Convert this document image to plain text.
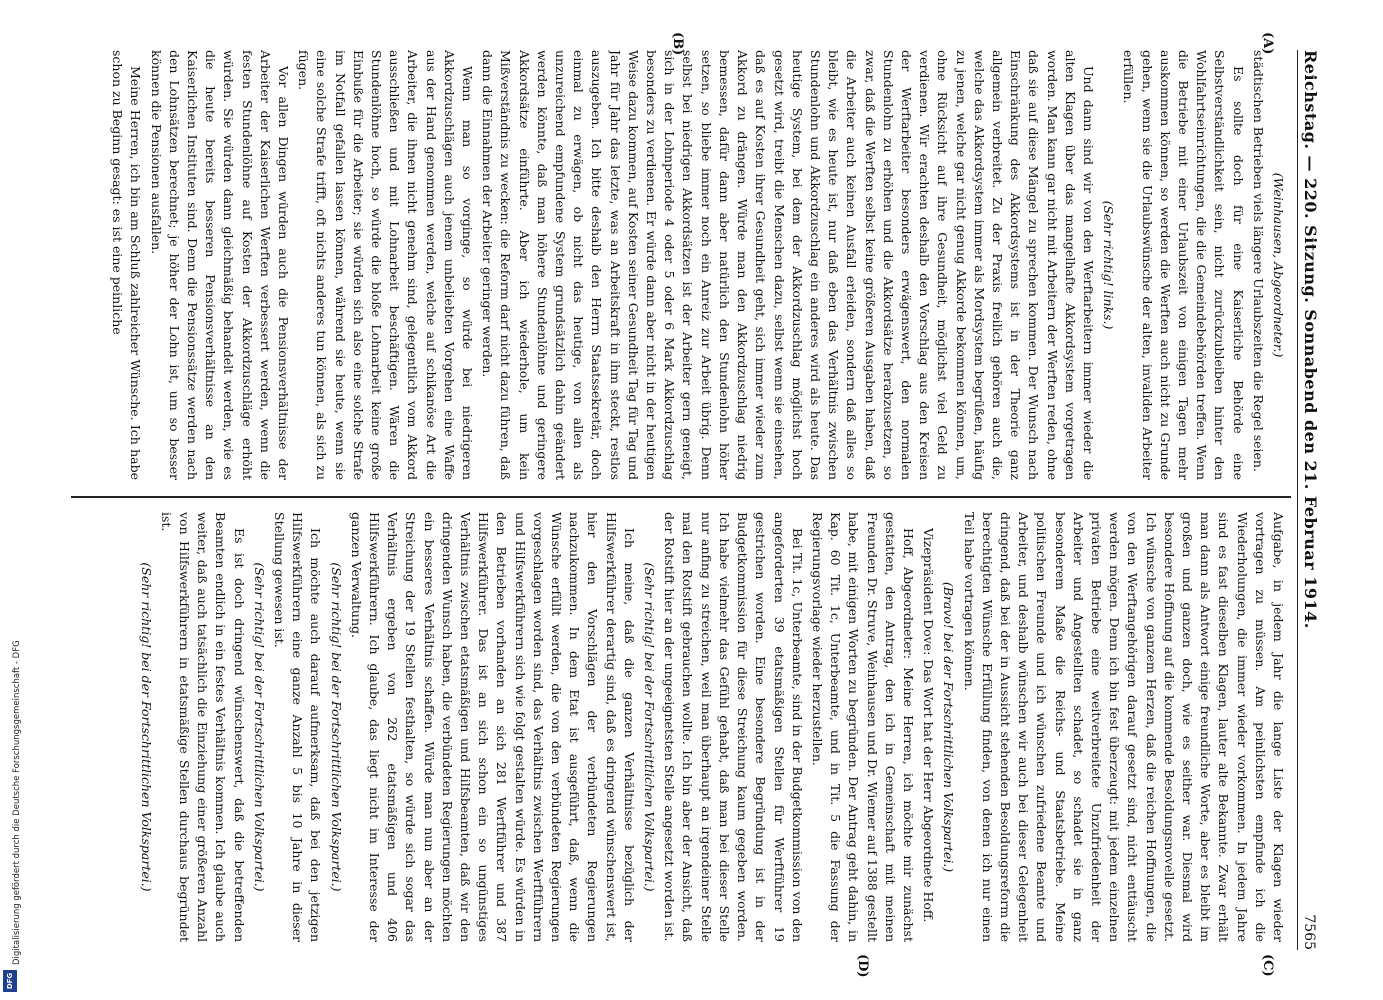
DFG
Digitalisierung gefördert durch die Deutsche Forschungsgemeinschaft - DFG
Reichstag. — 220. Sitzung. Sonnabend den 21. Februar 1914.
7565
(A)
(B)
(C)
(D)

(Weinhausen, Abgeordneter.)

städtischen Betrieben viels längere Urlaubszeiten die Regel seien.

Es sollte doch für eine Kaiserliche Behörde eine Selbstverständlichkeit sein, nicht zurückzubleiben hinter den Wohlfahrtseinrichtungen, die die Gemeindebehörden treffen. Wenn die Betriebe mit einer Urlaubszeit von einigen Tagen mehr auskommen können, so werden die Werften auch nicht zu Grunde gehen, wenn sie die Urlaubswünsche der alten, invaliden Arbeiter erfüllen.

(Sehr richtig! links.)

Und dann sind wir von den Werftarbeitern immer wieder die alten Klagen über das mangelhafte Akkordsystem vorgetragen worden. Man kann gar nicht mit Arbeitern der Werften reden, ohne daß sie auf diese Mängel zu sprechen kommen. Der Wunsch nach Einschränkung des Akkordsystems ist in der Theorie ganz allgemein verbreitet. Zu der Praxis freilich gehören auch die, welche das Akkordsystem immer als Mordsystem begrüßen, häufig zu jenen, welche gar nicht genug Akkorde bekommen können, um, ohne Rücksicht auf ihre Gesundheit, möglichst viel Geld zu verdienen. Wir erachten deshalb den Vorschlag aus den Kreisen der Werftarbeiter besonders erwägenswert, den normalen Stundenlohn zu erhöhen und die Akkordsätze herabzusetzen, so zwar, daß die Werften selbst keine größeren Ausgaben haben, daß die Arbeiter auch keinen Ausfall erleiden, sondern daß alles so bleibt, wie es heute ist, nur daß eben das Verhältnis zwischen Stundenlohn und Akkordzuschlag ein anderes wird als heute. Das heutige System, bei dem der Akkordzuschlag möglichst hoch gesetzt wird, treibt die Menschen dazu, selbst wenn sie einsehen, daß es auf Kosten ihrer Gesundheit geht, sich immer wieder zum Akkord zu drängen. Würde man den Akkordzuschlag niedrig bemessen, dafür dann aber natürlich den Stundenlohn höher setzen, so bliebe immer noch ein Anreiz zur Arbeit übrig. Denn selbst bei niedrigen Akkordsätzen ist der Arbeiter gern geneigt, sich in der Lohnperiode 4 oder 5 oder 6 Mark Akkordzuschlag besonders zu verdienen. Er würde dann aber nicht in der heutigen Weise dazu kommen, auf Kosten seiner Gesundheit Tag für Tag und Jahr für Jahr das letzte, was an Arbeitskraft in ihm steckt, restlos auszugeben. Ich bitte deshalb den Herrn Staatssekretär, doch einmal zu erwägen, ob nicht das heutige, von allen als unzureichend empfundene System grundsätzlich dahin geändert werden könnte, daß man höhere Stundenlöhne und geringere Akkordsätze einführte. Aber ich wiederhole, um kein Mißverständnis zu wecken: die Reform darf nicht dazu führen, daß dann die Einnahmen der Arbeiter geringer werden.

Wenn man so vorginge, so würde bei niedrigeren Akkordzuschlägen auch jenem unbeliebten Vorgehen eine Waffe aus der Hand genommen werden, welche auf schikanöse Art die Arbeiter, die ihnen nicht genehm sind, gelegentlich vom Akkord ausschließen und mit Lohnarbeit beschäftigen. Wären die Stundenlöhne hoch, so würde die bloße Lohnarbeit keine große Einbuße für die Arbeiter; sie würden sich also eine solche Strafe im Notfall gefallen lassen können, während sie heute, wenn sie eine solche Strafe trifft, oft nichts anderes tun können, als sich zu fügen.

Vor allen Dingen würden auch die Pensionsverhältnisse der Arbeiter der Kaiserlichen Werften verbessert werden, wenn die festen Stundenlöhne auf Kosten der Akkordzuschläge erhöht würden. Sie würden dann gleichmäßig behandelt werden, wie es die heute bereits besseren Pensionsverhältnisse an den Kaiserlichen Instituten sind. Denn die Pensionssätze werden nach den Lohnsätzen berechnet; je höher der Lohn ist, um so besser können die Pensionen ausfallen.

Meine Herren, ich bin am Schluß zahlreicher Wünsche. Ich habe schon zu Beginn gesagt: es ist eine peinliche

Aufgabe, in jedem Jahr die lange Liste der Klagen wieder vortragen zu müssen. Am peinlichsten empfinde ich die Wiederholungen, die immer wieder vorkommen. In jedem Jahre sind es fast dieselben Klagen, lauter alte Bekannte. Zwar erhält man dann als Antwort einige freundliche Worte, aber es bleibt im großen und ganzen doch, wie es seither war. Diesmal wird besondere Hoffnung auf die kommende Besoldungsnovelle gesetzt. Ich wünsche von ganzem Herzen, daß die reichen Hoffnungen, die von den Werftangehörigen darauf gesetzt sind, nicht enttäuscht werden mögen. Denn ich bin fest überzeugt: mit jedem einzelnen privaten Betriebe eine weitverbreitete Unzufriedenheit der Arbeiter und Angestellten schadet, so schadet sie in ganz besonderem Maße die Reichs- und Staatsbetriebe. Meine politischen Freunde und ich wünschen zufriedene Beamte und Arbeiter, und deshalb wünschen wir auch bei dieser Gelegenheit dringend, daß bei der in Aussicht stehenden Besoldungsreform die berechtigten Wünsche Erfüllung finden, von denen ich nur einen Teil habe vortragen können.

(Bravo! bei der Fortschrittlichen Volkspartei.)

Vizepräsident Dove: Das Wort hat der Herr Abgeordnete Hoff.

Hoff, Abgeordneter: Meine Herren, ich möchte mir zunächst gestatten, den Antrag, den ich in Gemeinschaft mit meinen Freunden Dr. Struve, Weinhausen und Dr. Wiemer auf 1388 gestellt habe, mit einigen Worten zu begründen. Der Antrag geht dahin, in Kap. 60 Tit. 1c, Unterbeamte, und in Tit. 5 die Fassung der Regierungsvorlage wieder herzustellen.

Bei Tit. 1c, Unterbeamte, sind in der Budgetkommission von den angeforderten 39 etatsmäßigen Stellen für Werftführer 19 gestrichen worden. Eine besondere Begründung ist in der Budgetkommission für diese Streichung kaum gegeben worden. Ich habe vielmehr das Gefühl gehabt, daß man bei dieser Stelle nur anfing zu streichen, weil man überhaupt an irgendeiner Stelle mal den Rotstift gebrauchen wollte. Ich bin aber der Ansicht, daß der Rotstift hier an der ungeeignetsten Stelle angesetzt worden ist.

(Sehr richtig! bei der Fortschrittlichen Volkspartei.)

Ich meine, daß die ganzen Verhältnisse bezüglich der Hilfswerkführer derartig sind, daß es dringend wünschenswert ist, hier den Vorschlägen der verbündeten Regierungen nachzukommen. In dem Etat ist ausgeführt, daß, wenn die Wünsche erfüllt werden, die von den verbündeten Regierungen vorgeschlagen worden sind, das Verhältnis zwischen Werftführern und Hilfswerkführern sich wie folgt gestalten würde. Es würden in den Betrieben vorhanden an sich 281 Werftführer und 387 Hilfswerkführer. Das ist an sich schon ein so ungünstiges Verhältnis zwischen etatsmäßigen und Hilfsbeamten, daß wir den dringenden Wunsch haben, die verbündeten Regierungen möchten ein besseres Verhältnis schaffen. Würde man nun aber an der Streichung der 19 Stellen festhalten, so würde sich sogar das Verhältnis ergeben von 262 etatsmäßigen und 406 Hilfswerkführern. Ich glaube, das liegt nicht im Interesse der ganzen Verwaltung.

(Sehr richtig! bei der Fortschrittlichen Volkspartei.)

Ich möchte auch darauf aufmerksam, daß bei den jetzigen Hilfswerkführern eine ganze Anzahl 5 bis 10 Jahre in dieser Stellung gewesen ist.

(Sehr richtig! bei der Fortschrittlichen Volkspartei.)

Es ist doch dringend wünschenswert, daß die betreffenden Beamten endlich in ein festes Verhältnis kommen. Ich glaube auch weiter, daß auch tatsächlich die Einziehung einer größeren Anzahl von Hilfswerkführern in etatsmäßige Stellen durchaus begründet ist.

(Sehr richtig! bei der Fortschrittlichen Volkspartei.)
